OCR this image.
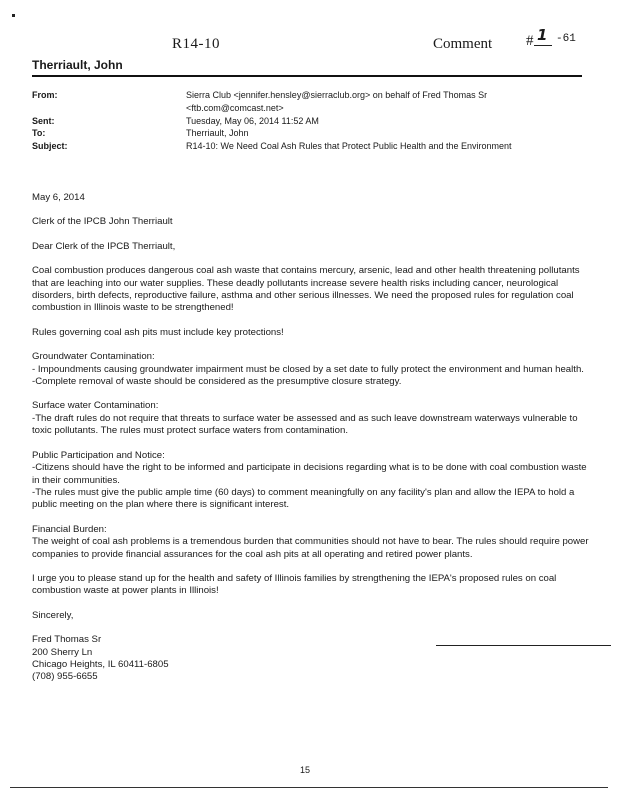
R14-10	Comment # 1 -61
Therriault, John
From:	Sierra Club <jennifer.hensley@sierraclub.org> on behalf of Fred Thomas Sr
<ftb.com@comcast.net>
Sent:	Tuesday, May 06, 2014 11:52 AM
To:	Therriault, John
Subject:	R14-10: We Need Coal Ash Rules that Protect Public Health and the Environment

May 6, 2014

Clerk of the IPCB John Therriault

Dear Clerk of the IPCB Therriault,

Coal combustion produces dangerous coal ash waste that contains mercury, arsenic, lead and other health threatening pollutants that are leaching into our water supplies. These deadly pollutants increase severe health risks including cancer, neurological disorders, birth defects, reproductive failure, asthma and other serious illnesses. We need the proposed rules for regulation coal combustion in Illinois waste to be strengthened!

Rules governing coal ash pits must include key protections!

Groundwater Contamination:

- Impoundments causing groundwater impairment must be closed by a set date to fully protect the environment and human health.

-Complete removal of waste should be considered as the presumptive closure strategy.

Surface water Contamination:

-The draft rules do not require that threats to surface water be assessed and as such leave downstream waterways vulnerable to toxic pollutants. The rules must protect surface waters from contamination.

Public Participation and Notice:

-Citizens should have the right to be informed and participate in decisions regarding what is to be done with coal combustion waste in their communities.

-The rules must give the public ample time (60 days) to comment meaningfully on any facility's plan and allow the IEPA to hold a public meeting on the plan where there is significant interest.

Financial Burden:

The weight of coal ash problems is a tremendous burden that communities should not have to bear. The rules should require power companies to provide financial assurances for the coal ash pits at all operating and retired power plants.

I urge you to please stand up for the health and safety of Illinois families by strengthening the IEPA's proposed rules on coal combustion waste at power plants in Illinois!

Sincerely,

Fred Thomas Sr

200 Sherry Ln

Chicago Heights, IL 60411-6805

(708) 955-6655

15
